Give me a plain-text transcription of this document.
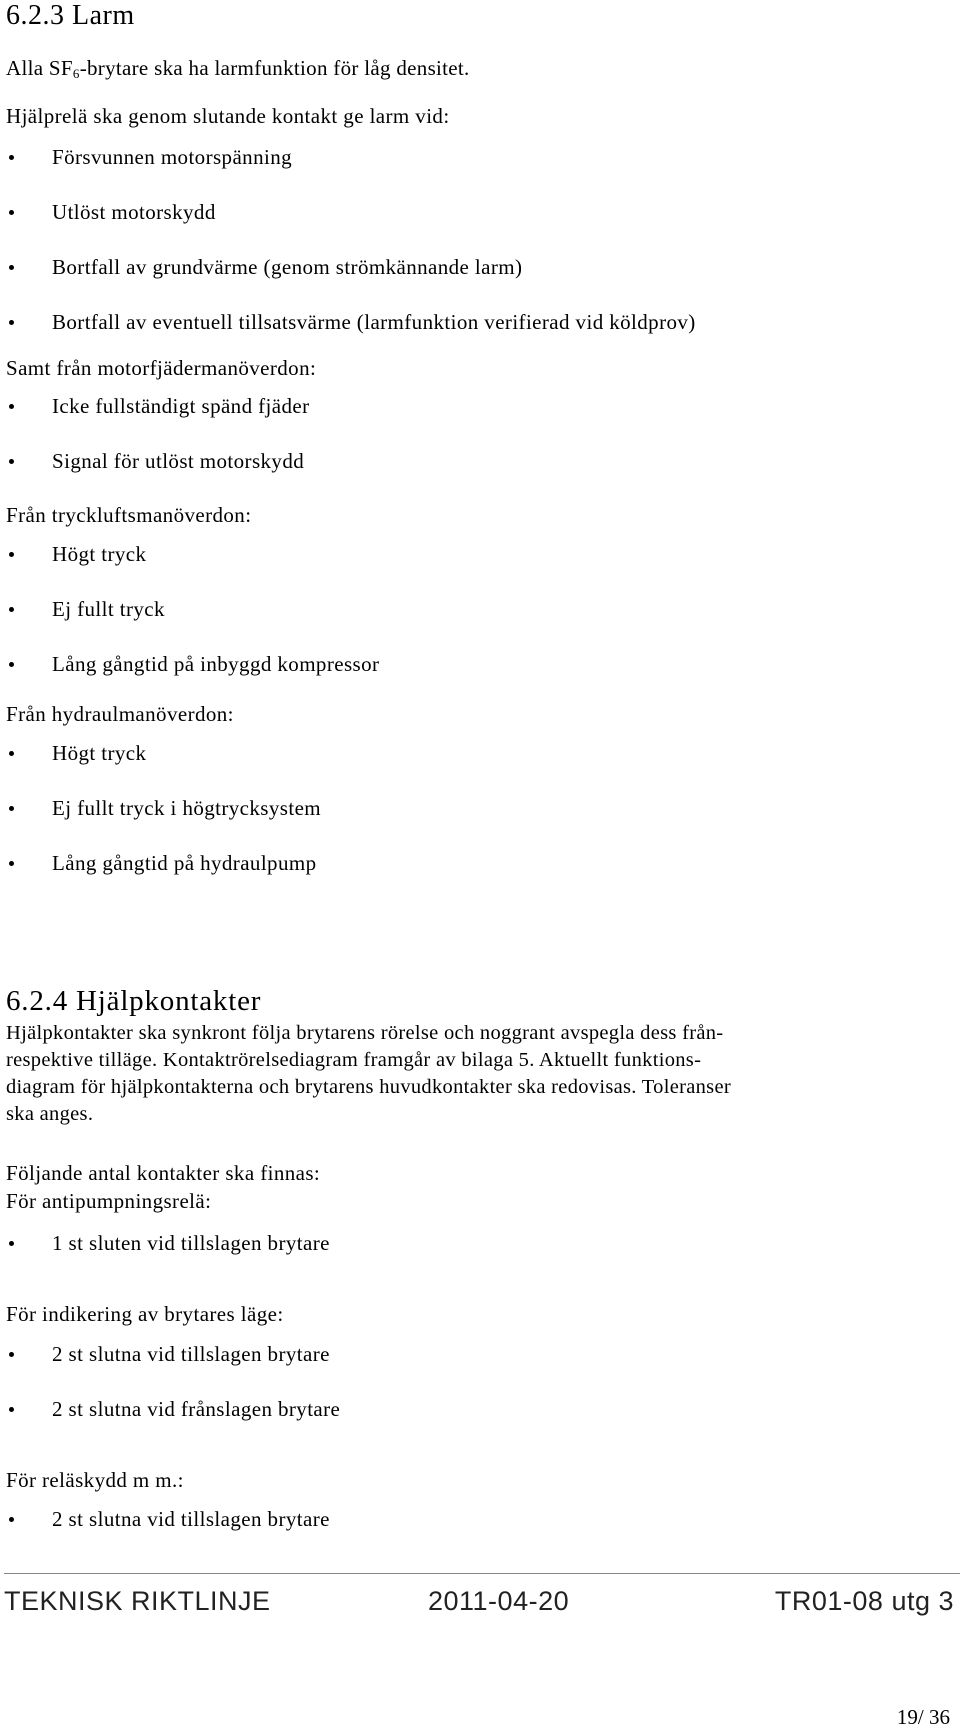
6.2.3 Larm
Alla $SF_6$-brytare ska ha larmfunktion för låg densitet.
Hjälprelä ska genom slutande kontakt ge larm vid:
Försvunnen motorspänning
Utlöst motorskydd
Bortfall av grundvärme (genom strömkännande larm)
Bortfall av eventuell tillsatsvärme (larmfunktion verifierad vid köldprov)
Samt från motorfjädermanöverdon:
Icke fullständigt spänd fjäder
Signal för utlöst motorskydd
Från tryckluftsmanöverdon:
Högt tryck
Ej fullt tryck
Lång gångtid på inbyggd kompressor
Från hydraulmanöverdon:
Högt tryck
Ej fullt tryck i högtrycksystem
Lång gångtid på hydraulpump
6.2.4 Hjälpkontakter
Hjälpkontakter ska synkront följa brytarens rörelse och noggrant avspegla dess från-
respektive tilläge. Kontaktrörelsediagram framgår av bilaga 5. Aktuellt funktions-
diagram för hjälpkontakterna och brytarens huvudkontakter ska redovisas. Toleranser
ska anges.
Följande antal kontakter ska finnas:
För antipumpningsrelä:
1 st sluten vid tillslagen brytare
För indikering av brytares läge:
2 st slutna vid tillslagen brytare
2 st slutna vid frånslagen brytare
För reläskydd m m.:
2 st slutna vid tillslagen brytare
TEKNISK RIKTLINJE	2011-04-20	TR01-08 utg 3
19/ 36
